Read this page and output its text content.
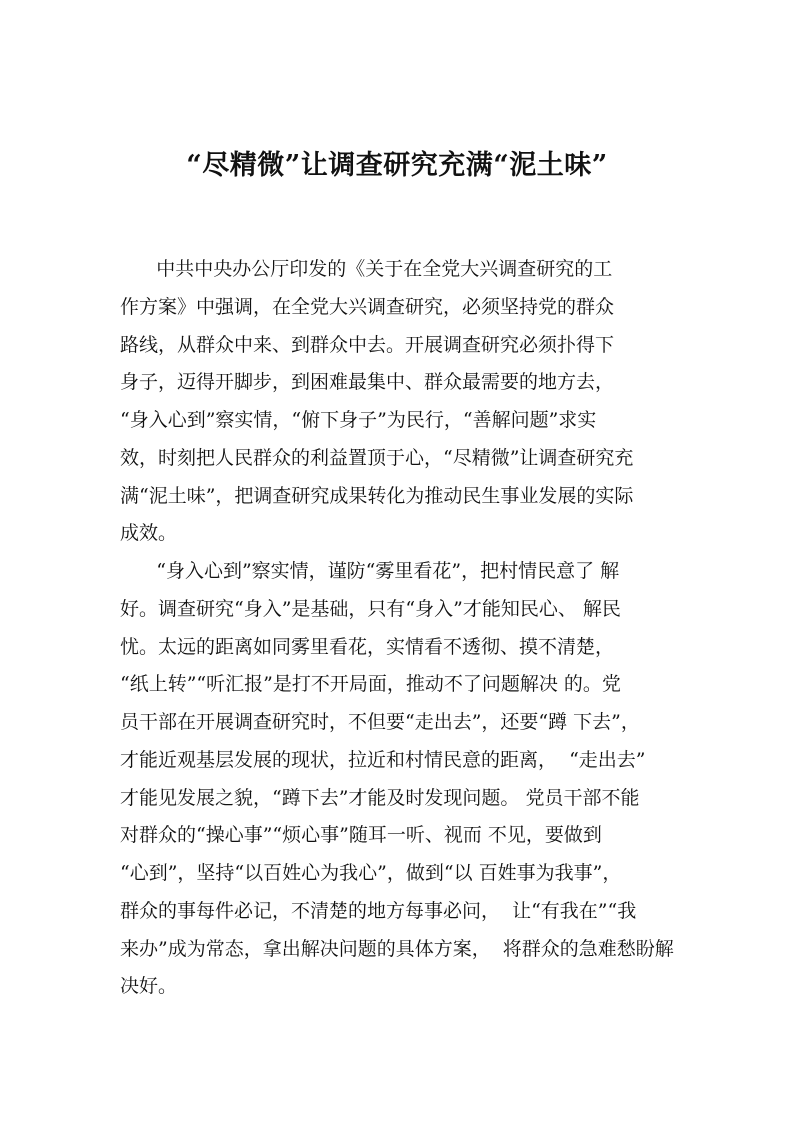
“尽精微”让调查研究充满“泥土味”
中共中央办公厅印发的《关于在全党大兴调查研究的工
作方案》中强调，在全党大兴调查研究，必须坚持党的群众
路线，从群众中来、到群众中去。开展调查研究必须扑得下
身子，迈得开脚步，到困难最集中、群众最需要的地方去，
“身入心到”察实情，“俯下身子”为民行，“善解问题”求实
效，时刻把人民群众的利益置顶于心，“尽精微”让调查研究充
满“泥土味”，把调查研究成果转化为推动民生事业发展的实际
成效。
“身入心到”察实情，谨防“雾里看花”，把村情民意了 解
好。调查研究“身入”是基础，只有“身入”才能知民心、 解民
忧。太远的距离如同雾里看花，实情看不透彻、摸不清楚，
“纸上转”“听汇报”是打不开局面，推动不了问题解决 的。党
员干部在开展调查研究时，不但要“走出去”，还要“蹲 下去”，
才能近观基层发展的现状，拉近和村情民意的距离，  “走出去”
才能见发展之貌，“蹲下去”才能及时发现问题。 党员干部不能
对群众的“操心事”“烦心事”随耳一听、视而 不见，要做到
“心到”，坚持“以百姓心为我心”，做到“以 百姓事为我事”，
群众的事每件必记，不清楚的地方每事必问，  让“有我在”“我
来办”成为常态，拿出解决问题的具体方案，  将群众的急难愁盼解
决好。
